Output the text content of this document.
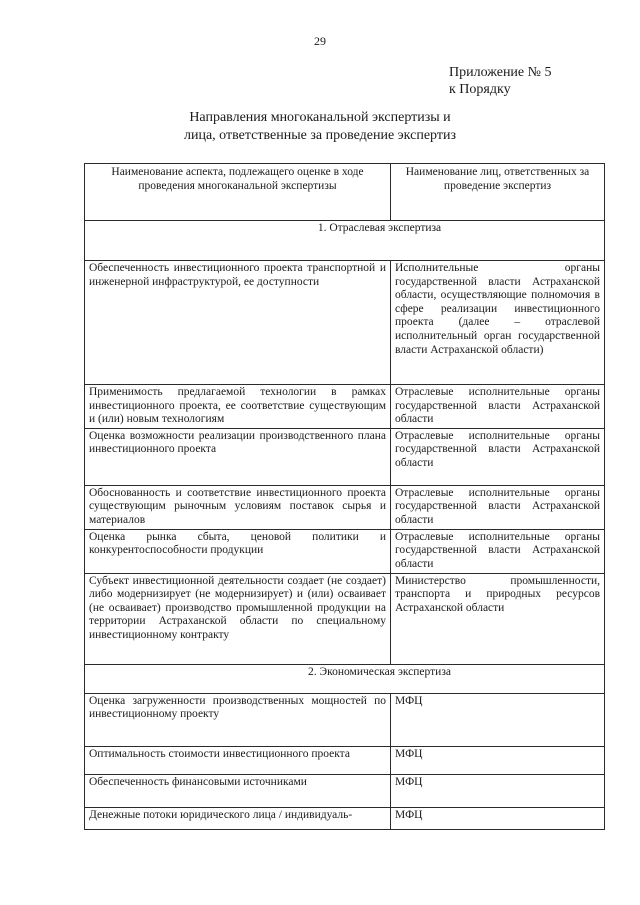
29
Приложение № 5
к Порядку
Направления многоканальной экспертизы и
лица, ответственные за проведение экспертиз
Наименование аспекта, подлежащего оценке в ходе проведения многоканальной экспертизы	Наименование лиц, ответственных за проведение экспертиз
1. Отраслевая экспертиза	
Обеспеченность инвестиционного проекта транспортной и инженерной инфраструктурой, ее доступности	Исполнительные органы государственной власти Астраханской области, осуществляющие полномочия в сфере реализации инвестиционного проекта (далее – отраслевой исполнительный орган государственной власти Астраханской области)
Применимость предлагаемой технологии в рамках инвестиционного проекта, ее соответствие существующим и (или) новым технологиям	Отраслевые исполнительные органы государственной власти Астраханской области
Оценка возможности реализации производственного плана инвестиционного проекта	Отраслевые исполнительные органы государственной власти Астраханской области
Обоснованность и соответствие инвестиционного проекта существующим рыночным условиям поставок сырья и материалов	Отраслевые исполнительные органы государственной власти Астраханской области
Оценка рынка сбыта, ценовой политики и конкурентоспособности продукции	Отраслевые исполнительные органы государственной власти Астраханской области
Субъект инвестиционной деятельности создает (не создает) либо модернизирует (не модернизирует) и (или) осваивает (не осваивает) производство промышленной продукции на территории Астраханской области по специальному инвестиционному контракту	Министерство промышленности, транспорта и природных ресурсов Астраханской области
2. Экономическая экспертиза	
Оценка загруженности производственных мощностей по инвестиционному проекту	МФЦ
Оптимальность стоимости инвестиционного проекта	МФЦ
Обеспеченность финансовыми источниками	МФЦ
Денежные потоки юридического лица / индивидуаль-	МФЦ
